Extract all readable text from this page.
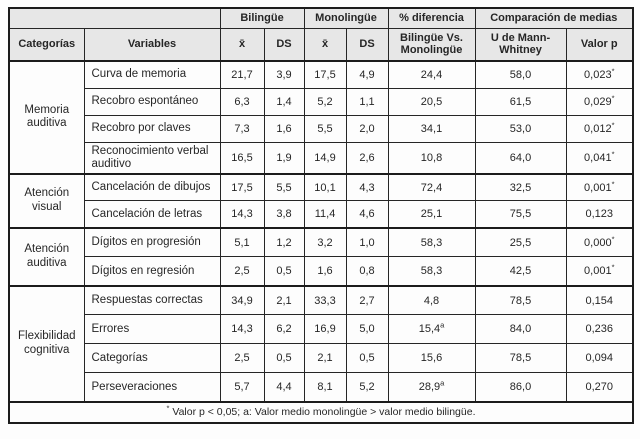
		Bilingüe		Monolingüe		% diferencia	Comparación de medias	
Categorías	Variables	x̄	DS	x̄	DS	Bilingüe Vs. Monolingüe	U de Mann-Whitney	Valor p
Memoria auditiva	Curva de memoria	21,7	3,9	17,5	4,9	24,4	58,0	0,023*
	Recobro espontáneo	6,3	1,4	5,2	1,1	20,5	61,5	0,029*
	Recobro por claves	7,3	1,6	5,5	2,0	34,1	53,0	0,012*
	Reconocimiento verbal auditivo	16,5	1,9	14,9	2,6	10,8	64,0	0,041*
Atención visual	Cancelación de dibujos	17,5	5,5	10,1	4,3	72,4	32,5	0,001*
	Cancelación de letras	14,3	3,8	11,4	4,6	25,1	75,5	0,123
Atención auditiva	Dígitos en progresión	5,1	1,2	3,2	1,0	58,3	25,5	0,000*
	Dígitos en regresión	2,5	0,5	1,6	0,8	58,3	42,5	0,001*
Flexibilidad cognitiva	Respuestas correctas	34,9	2,1	33,3	2,7	4,8	78,5	0,154
	Errores	14,3	6,2	16,9	5,0	15,4$^a$	84,0	0,236
	Categorías	2,5	0,5	2,1	0,5	15,6	78,5	0,094
	Perseveraciones	5,7	4,4	8,1	5,2	28,9$^a$	86,0	0,270
* Valor p < 0,05; a: Valor medio monolingüe > valor medio bilingüe.								
